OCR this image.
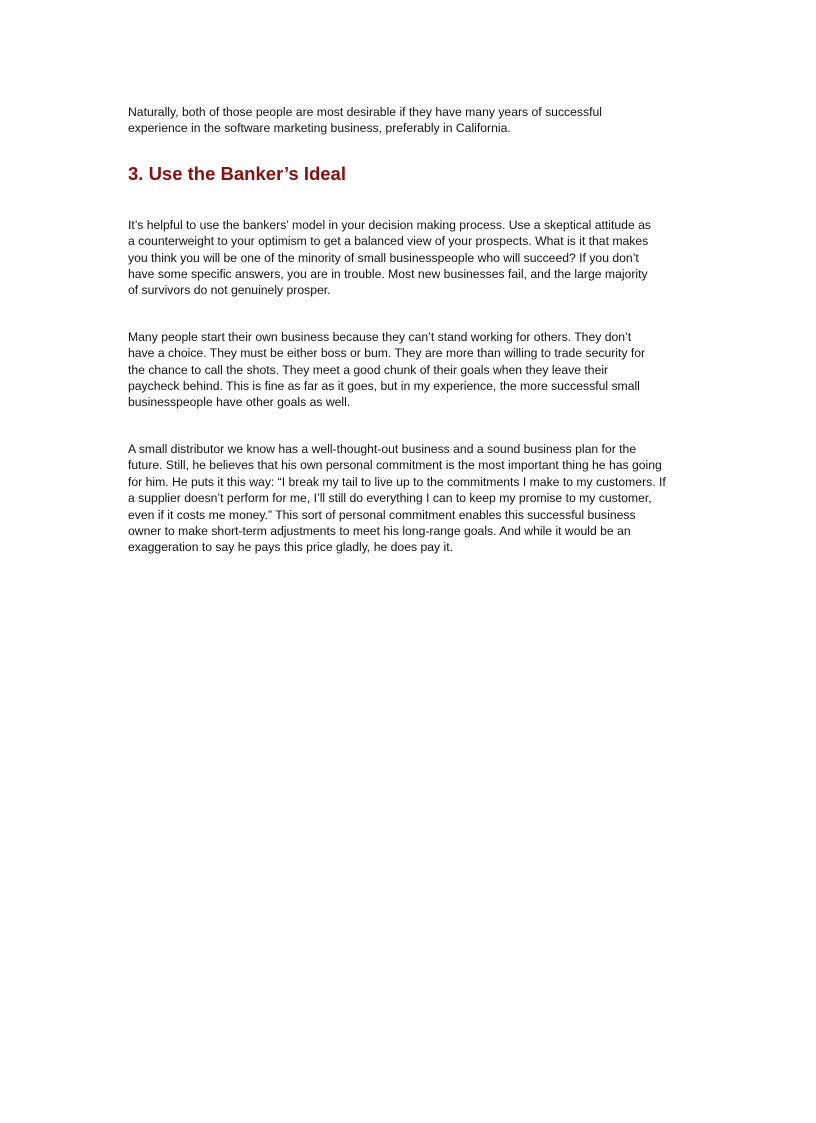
Naturally, both of those people are most desirable if they have many years of successful
experience in the software marketing business, preferably in California.

3. Use the Banker’s Ideal

It’s helpful to use the bankers’ model in your decision making process. Use a skeptical attitude as
a counterweight to your optimism to get a balanced view of your prospects. What is it that makes
you think you will be one of the minority of small businesspeople who will succeed? If you don’t
have some specific answers, you are in trouble. Most new businesses fail, and the large majority
of survivors do not genuinely prosper.

Many people start their own business because they can’t stand working for others. They don’t
have a choice. They must be either boss or bum. They are more than willing to trade security for
the chance to call the shots. They meet a good chunk of their goals when they leave their
paycheck behind. This is fine as far as it goes, but in my experience, the more successful small
businesspeople have other goals as well.

A small distributor we know has a well-thought-out business and a sound business plan for the
future. Still, he believes that his own personal commitment is the most important thing he has going
for him. He puts it this way: “I break my tail to live up to the commitments I make to my customers. If
a supplier doesn’t perform for me, I’ll still do everything I can to keep my promise to my customer,
even if it costs me money.” This sort of personal commitment enables this successful business
owner to make short-term adjustments to meet his long-range goals. And while it would be an
exaggeration to say he pays this price gladly, he does pay it.
